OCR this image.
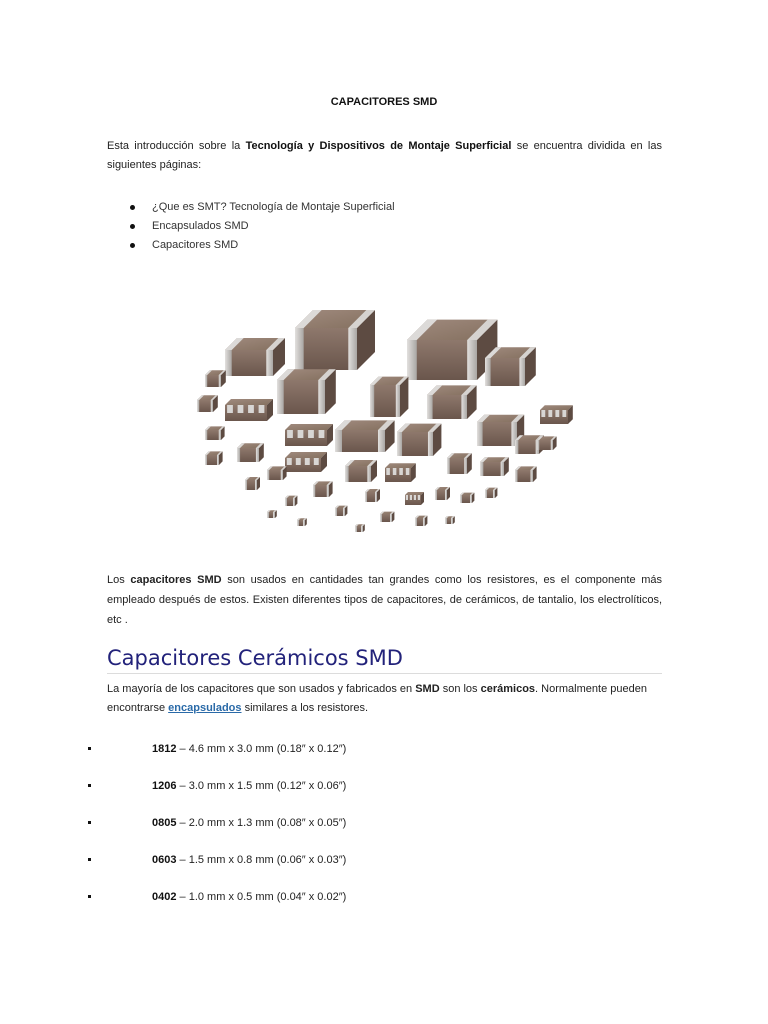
CAPACITORES SMD

Esta introducción sobre la Tecnología y Dispositivos de Montaje Superficial se encuentra dividida en las siguientes páginas:

¿Que es SMT? Tecnología de Montaje Superficial
Encapsulados SMD
Capacitores SMD

Los capacitores SMD son usados en cantidades tan grandes como los resistores, es el componente más empleado después de estos. Existen diferentes tipos de capacitores, de cerámicos, de tantalio, los electrolíticos, etc .

Capacitores Cerámicos SMD

La mayoría de los capacitores que son usados y fabricados en SMD son los cerámicos. Normalmente pueden encontrarse encapsulados similares a los resistores.

1812 – 4.6 mm x 3.0 mm (0.18″ x 0.12″)
1206 – 3.0 mm x 1.5 mm (0.12″ x 0.06″)
0805 – 2.0 mm x 1.3 mm (0.08″ x 0.05″)
0603 – 1.5 mm x 0.8 mm (0.06″ x 0.03″)
0402 – 1.0 mm x 0.5 mm (0.04″ x 0.02″)
